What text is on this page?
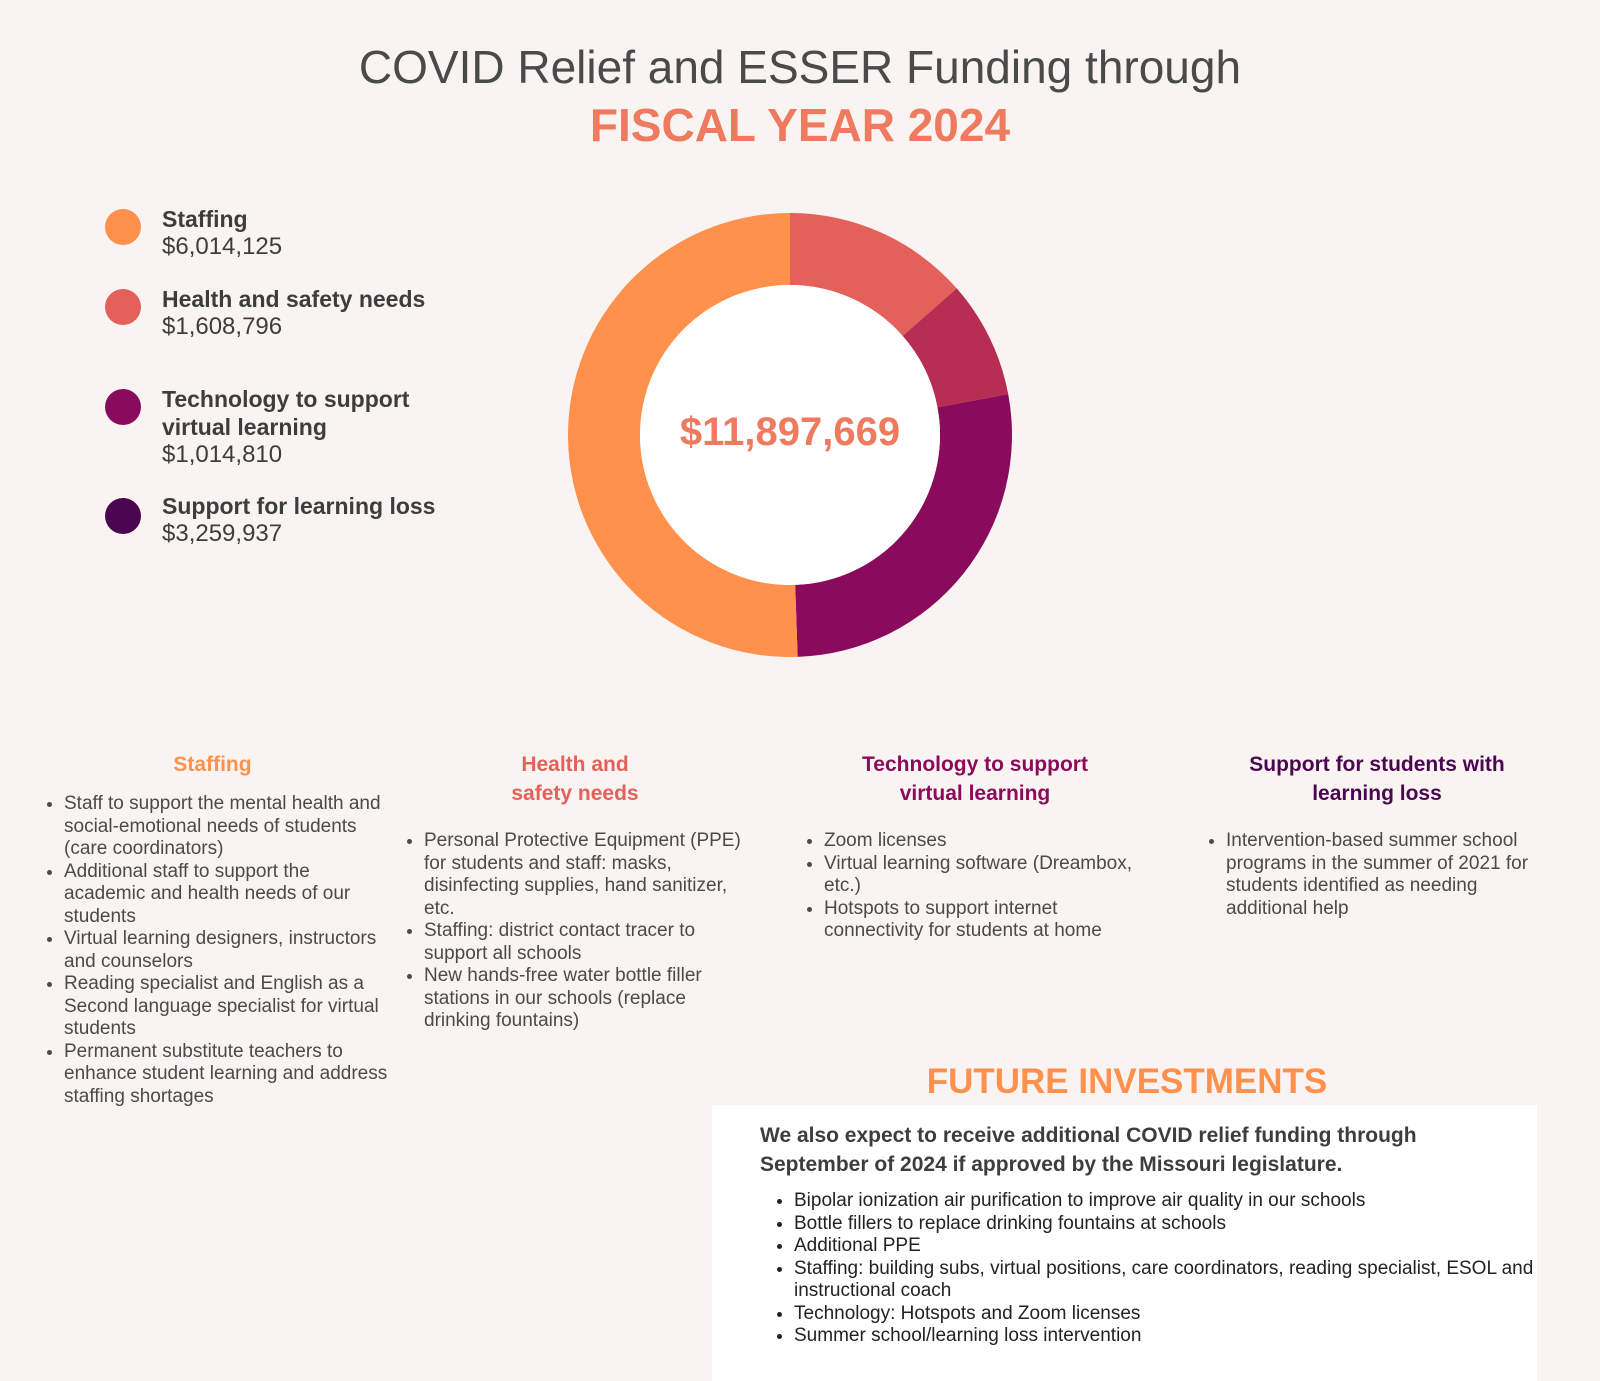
COVID Relief and ESSER Funding through
FISCAL YEAR 2024
Staffing
$6,014,125
Health and safety needs
$1,608,796
Technology to support virtual learning
$1,014,810
Support for learning loss
$3,259,937
$11,897,669
Staffing
• Staff to support the mental health and social-emotional needs of students (care coordinators)
• Additional staff to support the academic and health needs of our students
• Virtual learning designers, instructors and counselors
• Reading specialist and English as a Second language specialist for virtual students
• Permanent substitute teachers to enhance student learning and address staffing shortages
Health and safety needs
• Personal Protective Equipment (PPE) for students and staff: masks, disinfecting supplies, hand sanitizer, etc.
• Staffing: district contact tracer to support all schools
• New hands-free water bottle filler stations in our schools (replace drinking fountains)
Technology to support virtual learning
• Zoom licenses
• Virtual learning software (Dreambox, etc.)
• Hotspots to support internet connectivity for students at home
Support for students with learning loss
• Intervention-based summer school programs in the summer of 2021 for students identified as needing additional help
FUTURE INVESTMENTS
We also expect to receive additional COVID relief funding through September of 2024 if approved by the Missouri legislature.
• Bipolar ionization air purification to improve air quality in our schools
• Bottle fillers to replace drinking fountains at schools
• Additional PPE
• Staffing: building subs, virtual positions, care coordinators, reading specialist, ESOL and instructional coach
• Technology: Hotspots and Zoom licenses
• Summer school/learning loss intervention
